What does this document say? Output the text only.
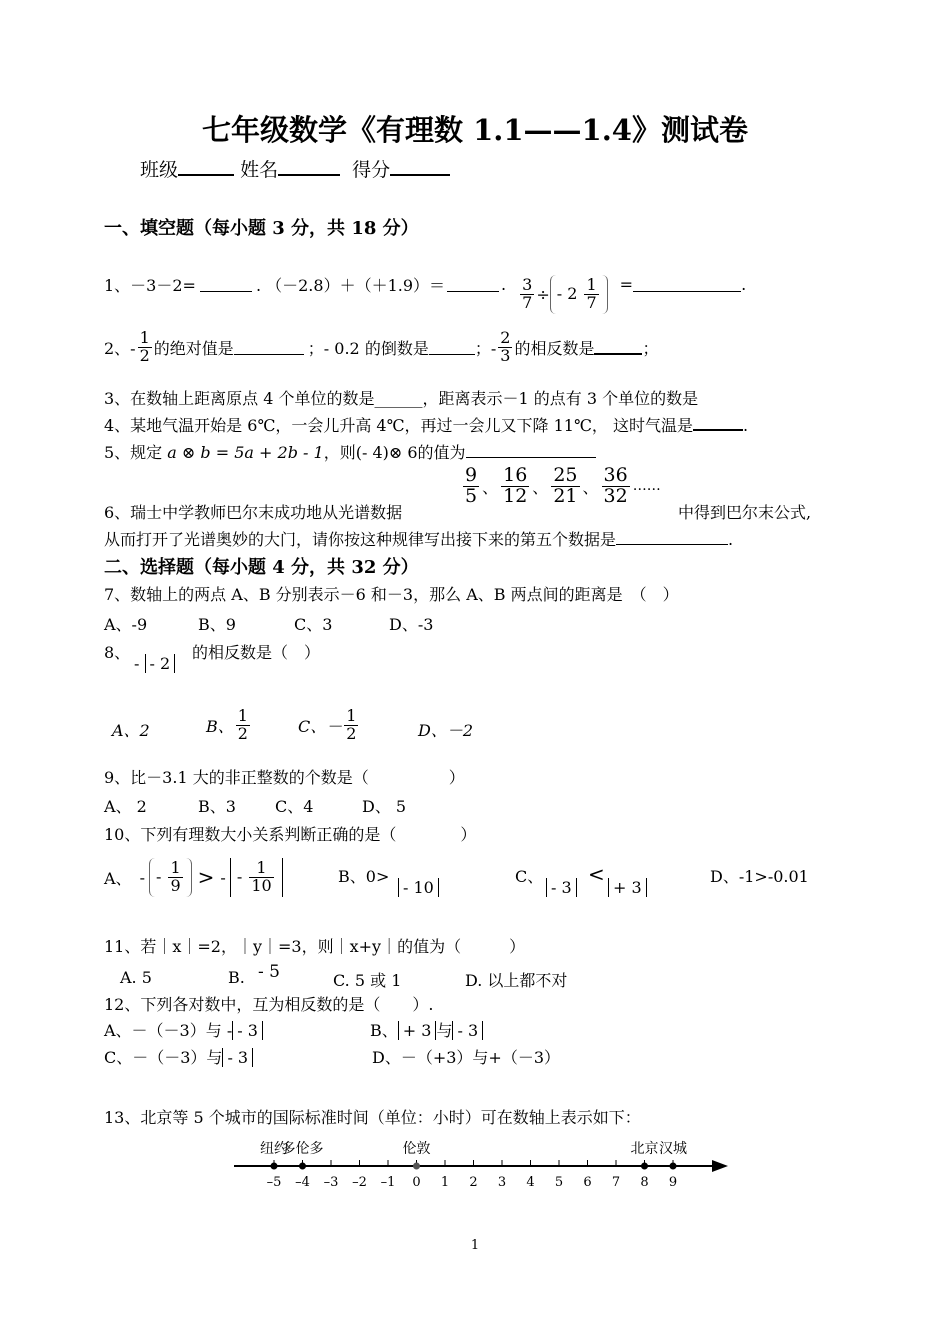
七年级数学《有理数 1.1——1.4》测试卷
班级	姓名	得分
一、填空题（每小题 3 分，共 18 分）
1、－3－2=	. （－2.8）＋（＋1.9）＝	. $\frac{3}{7}$ ÷ - $2 \frac{1}{7}$ =	.
2、- $\frac{1}{2}$ 的绝对值是	；- 0.2 的倒数是	；- $\frac{2}{3}$ 的相反数是	；
3、在数轴上距离原点 4 个单位的数是______，距离表示－1 的点有 3 个单位的数是
4、某地气温开始是 6℃，一会儿升高 4℃，再过一会儿又下降 11℃， 这时气温是	.
5、规定 a ⊗ b = 5a + 2b - 1，则(- 4)⊗ 6的值为
$\frac{9}{5}$ 、 $\frac{16}{12}$ 、 $\frac{25}{21}$ 、 $\frac{36}{32}$ ……
6、瑞士中学教师巴尔末成功地从光谱数据	中得到巴尔末公式,
从而打开了光谱奥妙的大门，请你按这种规律写出接下来的第五个数据是	.
二、选择题（每小题 4 分，共 32 分）
7、数轴上的两点 A、B 分别表示－6 和－3，那么 A、B 两点间的距离是　（　）
A、-9	B、9	C、3	D、-3
8、
- - 2
的相反数是（　）
A、2	B、 $\frac{1}{2}$	C、－ $\frac{1}{2}$	D、－2
9、比－3.1 大的非正整数的个数是（　　　　　）
A、 2	B、3 C、4	D、 5
10、下列有理数大小关系判断正确的是（　　　　）
A、 - - $\frac{1}{9}$ > - - $\frac{1}{10}$	B、0>
- 10
C、
- 3
<
+ 3
D、-1>-0.01
11、若｜x｜=2，｜y｜=3，则｜x+y｜的值为（　　　）
A. 5	B. - 5	C. 5 或 1	D. 以上都不对
12、下列各对数中，互为相反数的是（　　）.
A、－（－3）与 - - 3	B、 + 3 与 - 3
C、－（－3）与 - 3	D、－（+3）与+（－3）
13、北京等 5 个城市的国际标准时间（单位：小时）可在数轴上表示如下：
–5 –4 –3 –2 –1 0 1 2 3 4 5 6 7 8 9
纽约
多伦多	伦敦	北京 汉城
1
